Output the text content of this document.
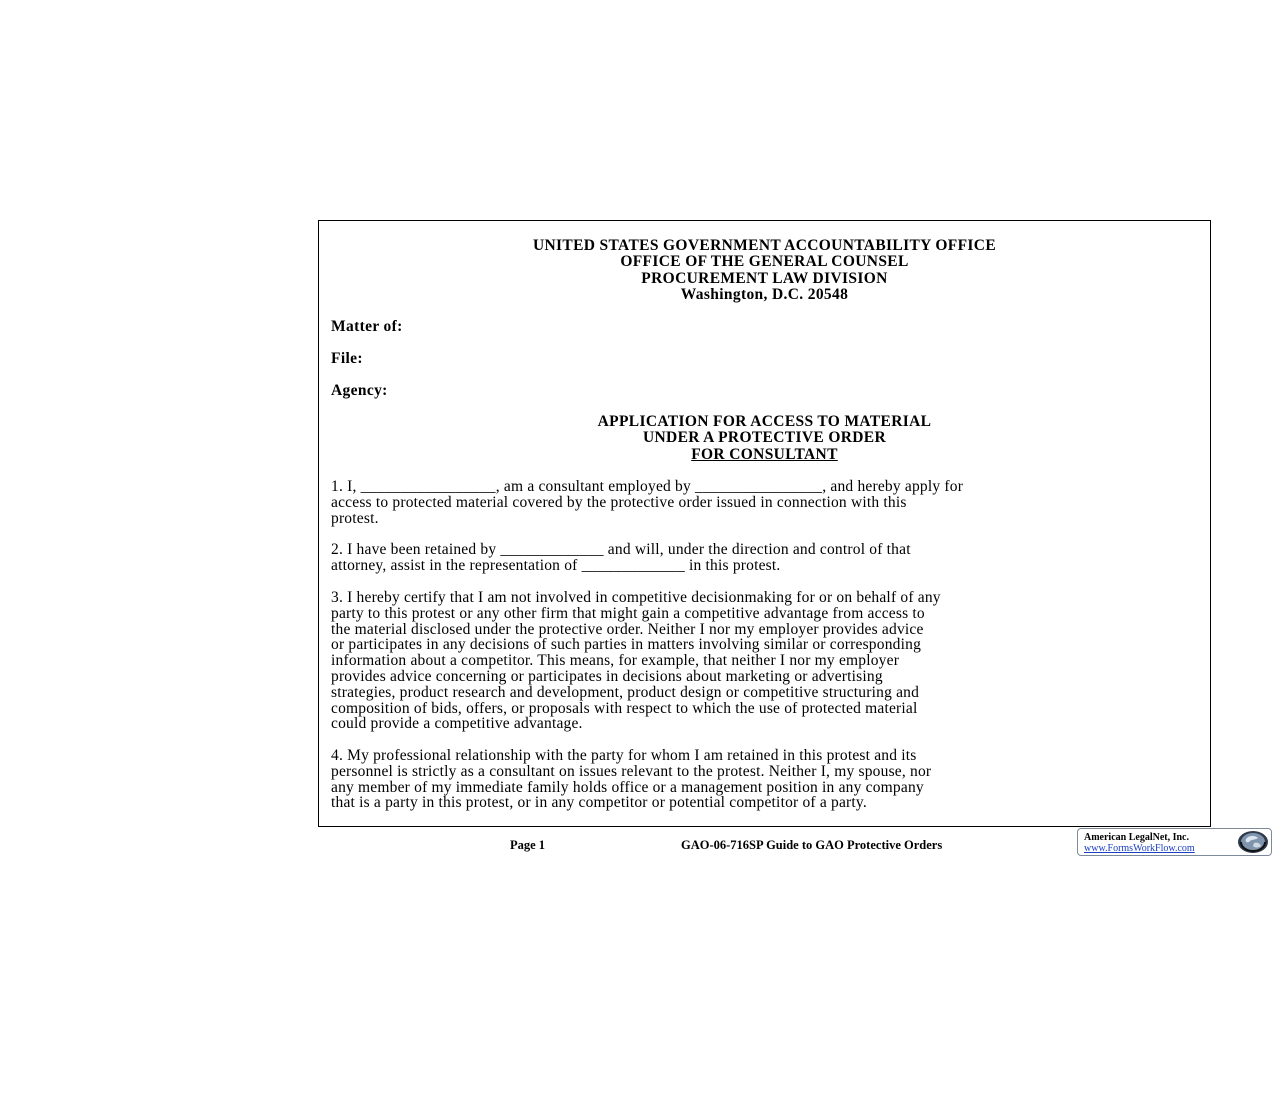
UNITED STATES GOVERNMENT ACCOUNTABILITY OFFICE
OFFICE OF THE GENERAL COUNSEL
PROCUREMENT LAW DIVISION
Washington, D.C. 20548
Matter of:
File:
Agency:
APPLICATION FOR ACCESS TO MATERIAL
UNDER A PROTECTIVE ORDER
FOR CONSULTANT
1. I, _________________, am a consultant employed by ________________, and hereby apply for
access to protected material covered by the protective order issued in connection with this
protest.
2. I have been retained by _____________ and will, under the direction and control of that
attorney, assist in the representation of _____________ in this protest.
3. I hereby certify that I am not involved in competitive decisionmaking for or on behalf of any
party to this protest or any other firm that might gain a competitive advantage from access to
the material disclosed under the protective order. Neither I nor my employer provides advice
or participates in any decisions of such parties in matters involving similar or corresponding
information about a competitor. This means, for example, that neither I nor my employer
provides advice concerning or participates in decisions about marketing or advertising
strategies, product research and development, product design or competitive structuring and
composition of bids, offers, or proposals with respect to which the use of protected material
could provide a competitive advantage.
4. My professional relationship with the party for whom I am retained in this protest and its
personnel is strictly as a consultant on issues relevant to the protest. Neither I, my spouse, nor
any member of my immediate family holds office or a management position in any company
that is a party in this protest, or in any competitor or potential competitor of a party.
Page 1	GAO-06-716SP Guide to GAO Protective Orders
American LegalNet, Inc.
www.FormsWorkFlow.com
